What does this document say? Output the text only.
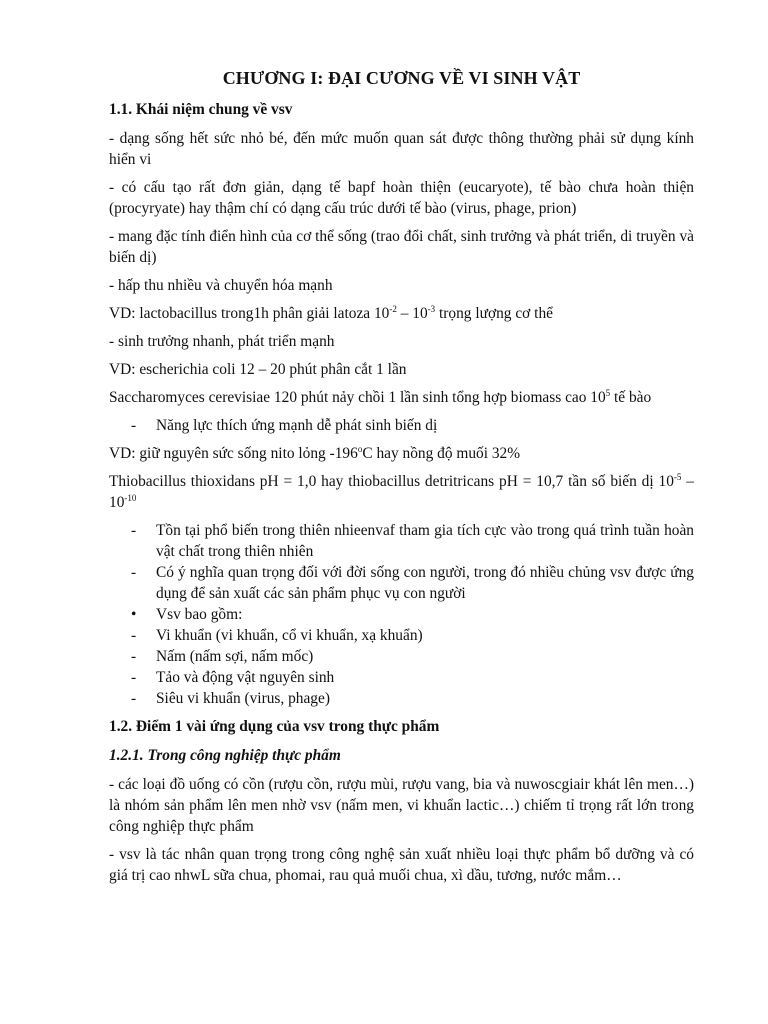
CHƯƠNG I: ĐẠI CƯƠNG VỀ VI SINH VẬT
1.1. Khái niệm chung về vsv

- dạng sống hết sức nhỏ bé, đến mức muốn quan sát được thông thường phải sử dụng kính hiển vi

- có cấu tạo rất đơn giản, dạng tế bapf hoàn thiện (eucaryote), tế bào chưa hoàn thiện (procyryate) hay thậm chí có dạng cấu trúc dưới tế bào (virus, phage, prion)

- mang đặc tính điển hình của cơ thể sống (trao đổi chất, sinh trưởng và phát triển, di truyền và biến dị)

- hấp thu nhiều và chuyển hóa mạnh

VD: lactobacillus trong1h phân giải latoza $10^{-2} - 10^{-3}$ trọng lượng cơ thể

- sinh trưởng nhanh, phát triển mạnh

VD: escherichia coli 12 – 20 phút phân cắt 1 lần

Saccharomyces cerevisiae 120 phút nảy chồi 1 lần sinh tổng hợp biomass cao $10^5$ tế bào

-	Năng lực thích ứng mạnh dễ phát sinh biến dị

VD: giữ nguyên sức sống nito lỏng -196$^o$C hay nồng độ muối 32%

Thiobacillus thioxidans pH = 1,0 hay thiobacillus detritricans pH = 10,7 tần số biến dị $10^{-5} - 10^{-10}$

-	Tồn tại phổ biến trong thiên nhieenvaf tham gia tích cực vào trong quá trình tuần hoàn vật chất trong thiên nhiên
-	Có ý nghĩa quan trọng đối với đời sống con người, trong đó nhiều chủng vsv được ứng dụng để sản xuất các sản phẩm phục vụ con người
•	Vsv bao gồm:
-	Vi khuẩn (vi khuẩn, cổ vi khuẩn, xạ khuẩn)
-	Nấm (nấm sợi, nấm mốc)
-	Tảo và động vật nguyên sinh
-	Siêu vi khuẩn (virus, phage)
1.2. Điểm 1 vài ứng dụng của vsv trong thực phẩm
1.2.1. Trong công nghiệp thực phẩm

- các loại đồ uống có cồn (rượu cồn, rượu mùi, rượu vang, bia và nuwoscgiair khát lên men…) là nhóm sản phẩm lên men nhờ vsv (nấm men, vi khuẩn lactic…) chiếm tỉ trọng rất lớn trong công nghiệp thực phẩm

- vsv là tác nhân quan trọng trong công nghệ sản xuất nhiều loại thực phẩm bổ dưỡng và có giá trị cao nhwL sữa chua, phomai, rau quả muối chua, xì dầu, tương, nước mắm…
